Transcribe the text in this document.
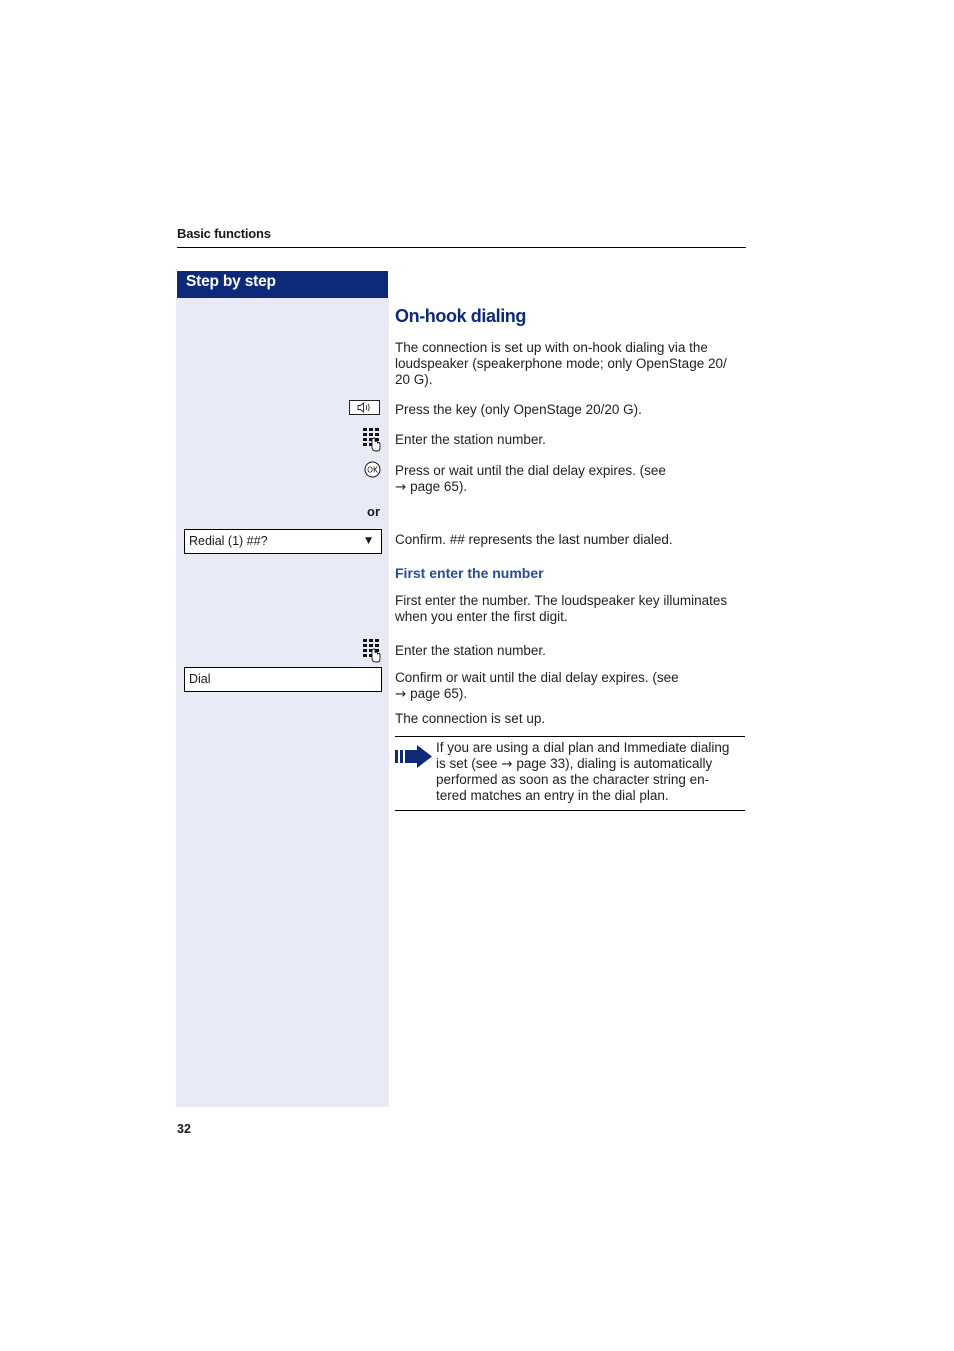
Basic functions
Step by step
On-hook dialing
The connection is set up with on-hook dialing via the
loudspeaker (speakerphone mode; only OpenStage 20/
20 G).
Press the key (only OpenStage 20/20 G).
Enter the station number.
OK Press or wait until the dial delay expires. (see
→ page 65).
or
Redial (1) ##?	▼ Confirm. ## represents the last number dialed.
First enter the number
First enter the number. The loudspeaker key illuminates
when you enter the first digit.
Enter the station number.
Dial	Confirm or wait until the dial delay expires. (see
→ page 65).
The connection is set up.
If you are using a dial plan and Immediate dialing
is set (see → page 33), dialing is automatically
performed as soon as the character string en-
tered matches an entry in the dial plan.
32
